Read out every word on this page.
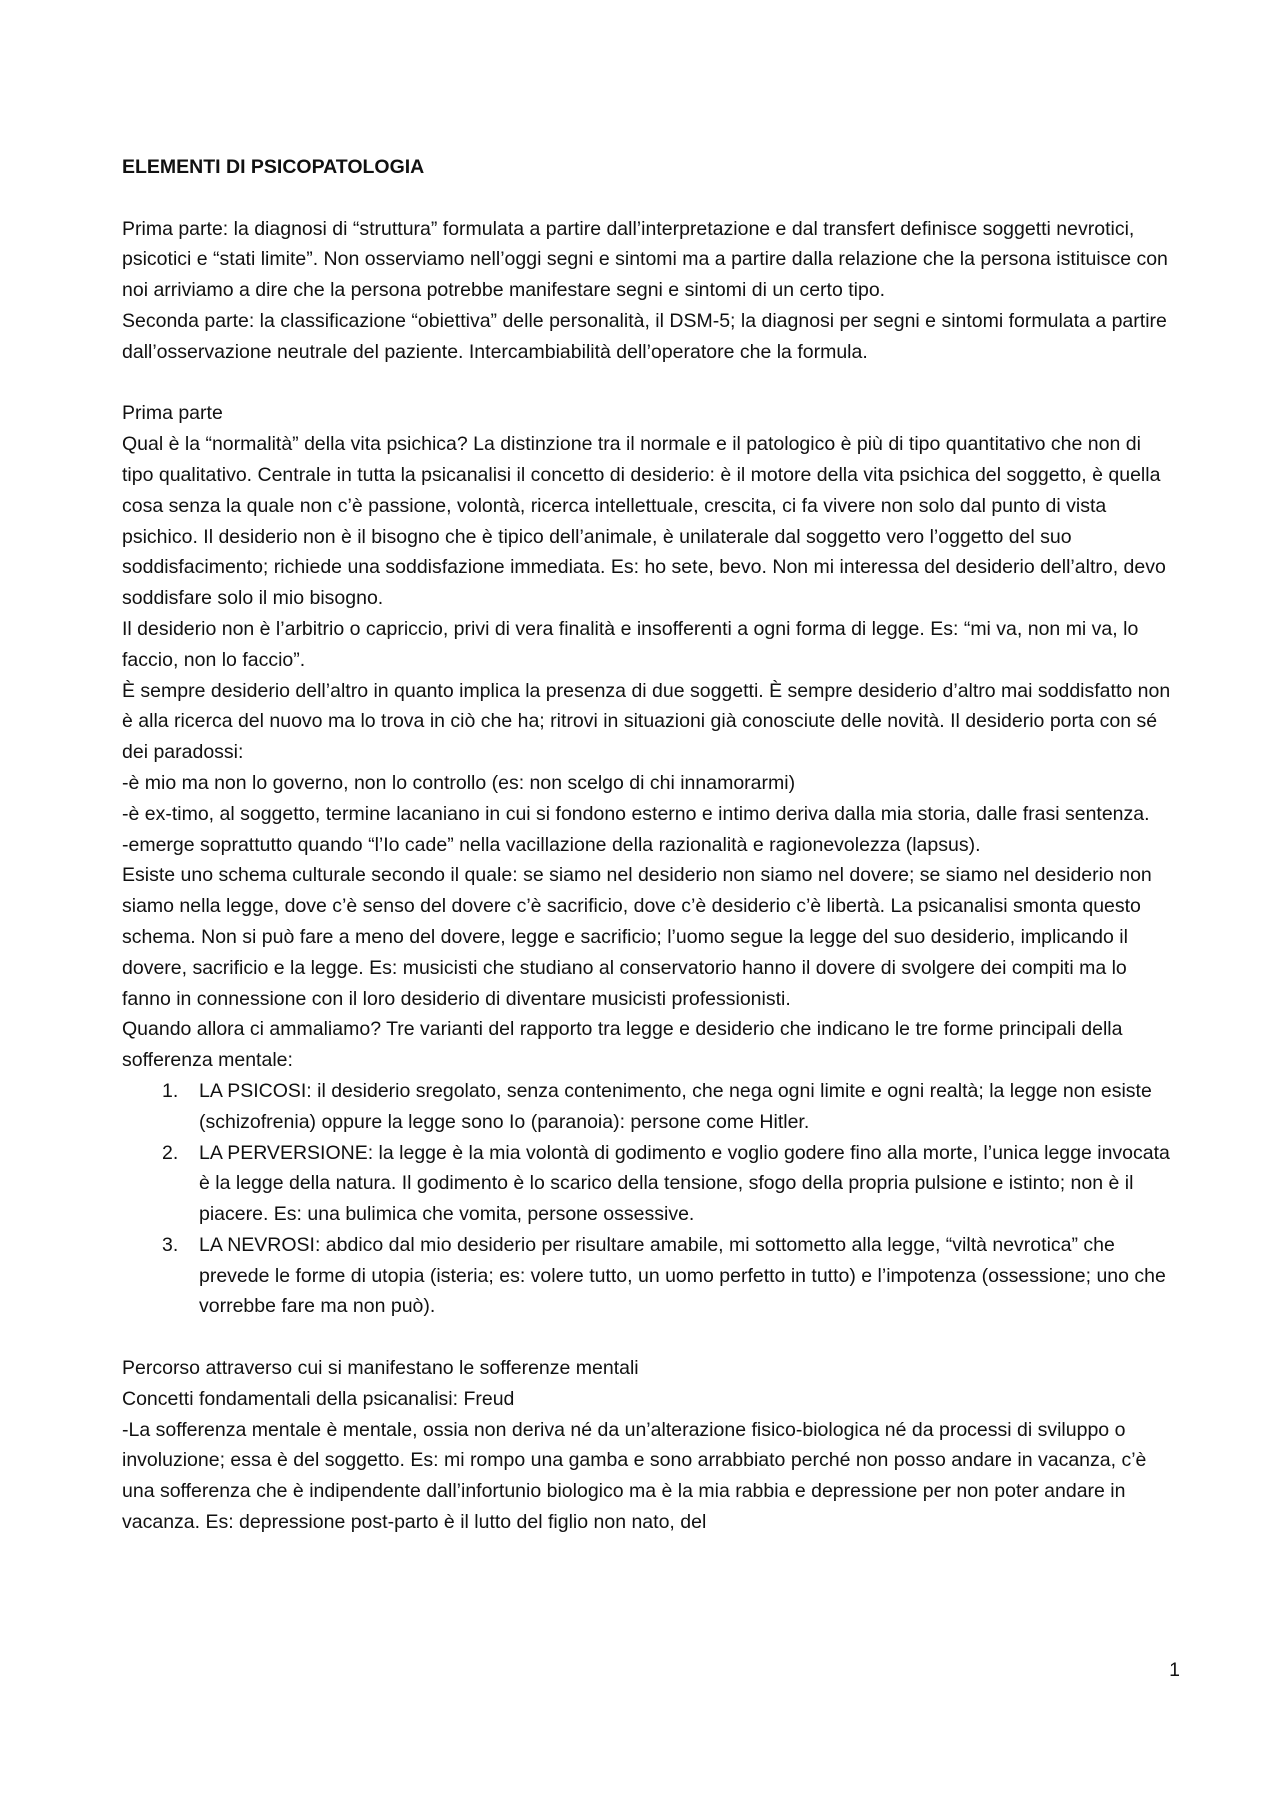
ELEMENTI DI PSICOPATOLOGIA

Prima parte: la diagnosi di “struttura” formulata a partire dall’interpretazione e dal transfert definisce soggetti nevrotici, psicotici e “stati limite”. Non osserviamo nell’oggi segni e sintomi ma a partire dalla relazione che la persona istituisce con noi arriviamo a dire che la persona potrebbe manifestare segni e sintomi di un certo tipo.

Seconda parte: la classificazione “obiettiva” delle personalità, il DSM-5; la diagnosi per segni e sintomi formulata a partire dall’osservazione neutrale del paziente. Intercambiabilità dell’operatore che la formula.

Prima parte

Qual è la “normalità” della vita psichica? La distinzione tra il normale e il patologico è più di tipo quantitativo che non di tipo qualitativo. Centrale in tutta la psicanalisi il concetto di desiderio: è il motore della vita psichica del soggetto, è quella cosa senza la quale non c’è passione, volontà, ricerca intellettuale, crescita, ci fa vivere non solo dal punto di vista psichico. Il desiderio non è il bisogno che è tipico dell’animale, è unilaterale dal soggetto vero l’oggetto del suo soddisfacimento; richiede una soddisfazione immediata. Es: ho sete, bevo. Non mi interessa del desiderio dell’altro, devo soddisfare solo il mio bisogno.

Il desiderio non è l’arbitrio o capriccio, privi di vera finalità e insofferenti a ogni forma di legge. Es: “mi va, non mi va, lo faccio, non lo faccio”.

È sempre desiderio dell’altro in quanto implica la presenza di due soggetti. È sempre desiderio d’altro mai soddisfatto non è alla ricerca del nuovo ma lo trova in ciò che ha; ritrovi in situazioni già conosciute delle novità. Il desiderio porta con sé dei paradossi:

-è mio ma non lo governo, non lo controllo (es: non scelgo di chi innamorarmi)

-è ex-timo, al soggetto, termine lacaniano in cui si fondono esterno e intimo deriva dalla mia storia, dalle frasi sentenza.

-emerge soprattutto quando “l’Io cade” nella vacillazione della razionalità e ragionevolezza (lapsus).

Esiste uno schema culturale secondo il quale: se siamo nel desiderio non siamo nel dovere; se siamo nel desiderio non siamo nella legge, dove c’è senso del dovere c’è sacrificio, dove c’è desiderio c’è libertà. La psicanalisi smonta questo schema. Non si può fare a meno del dovere, legge e sacrificio; l’uomo segue la legge del suo desiderio, implicando il dovere, sacrificio e la legge. Es: musicisti che studiano al conservatorio hanno il dovere di svolgere dei compiti ma lo fanno in connessione con il loro desiderio di diventare musicisti professionisti.

Quando allora ci ammaliamo? Tre varianti del rapporto tra legge e desiderio che indicano le tre forme principali della sofferenza mentale:

1. LA PSICOSI: il desiderio sregolato, senza contenimento, che nega ogni limite e ogni realtà; la legge non esiste (schizofrenia) oppure la legge sono Io (paranoia): persone come Hitler.
2. LA PERVERSIONE: la legge è la mia volontà di godimento e voglio godere fino alla morte, l’unica legge invocata è la legge della natura. Il godimento è lo scarico della tensione, sfogo della propria pulsione e istinto; non è il piacere. Es: una bulimica che vomita, persone ossessive.
3. LA NEVROSI: abdico dal mio desiderio per risultare amabile, mi sottometto alla legge, “viltà nevrotica” che prevede le forme di utopia (isteria; es: volere tutto, un uomo perfetto in tutto) e l’impotenza (ossessione; uno che vorrebbe fare ma non può).

Percorso attraverso cui si manifestano le sofferenze mentali

Concetti fondamentali della psicanalisi: Freud

-La sofferenza mentale è mentale, ossia non deriva né da un’alterazione fisico-biologica né da processi di sviluppo o involuzione; essa è del soggetto. Es: mi rompo una gamba e sono arrabbiato perché non posso andare in vacanza, c’è una sofferenza che è indipendente dall’infortunio biologico ma è la mia rabbia e depressione per non poter andare in vacanza. Es: depressione post-parto è il lutto del figlio non nato, del

1
